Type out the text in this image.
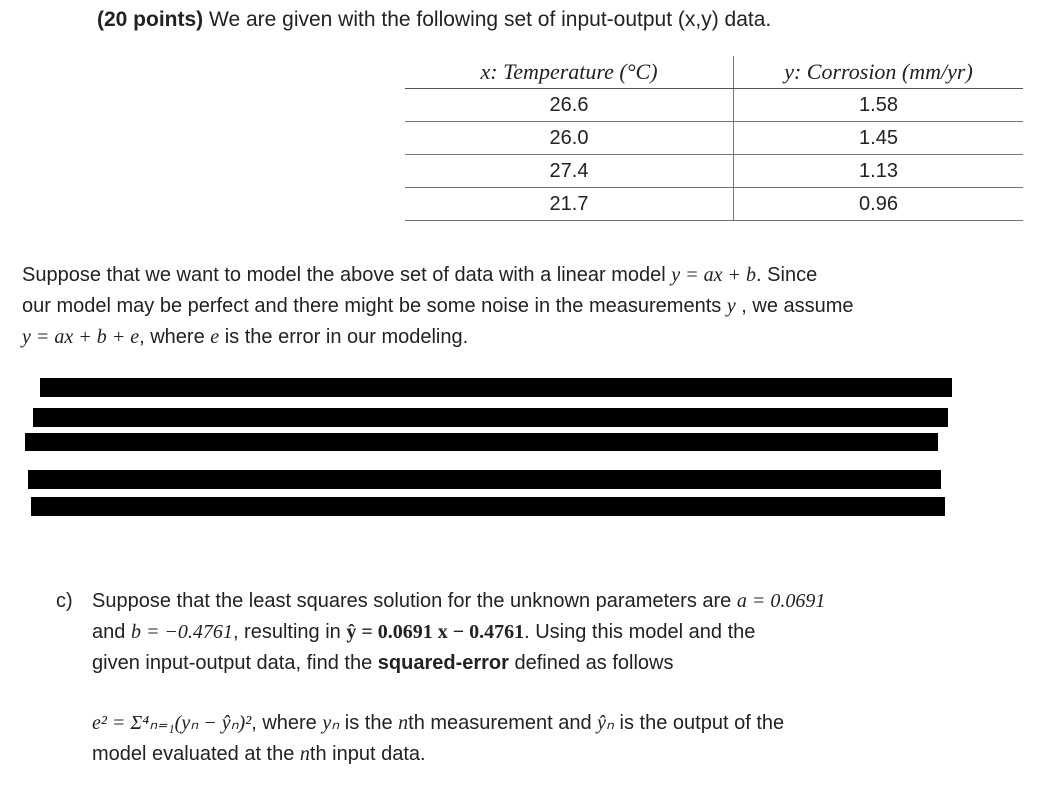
(20 points) We are given with the following set of input-output (x,y) data.
x: Temperature (°C)	y: Corrosion (mm/yr)
26.6	1.58
26.0	1.45
27.4	1.13
21.7	0.96
Suppose that we want to model the above set of data with a linear model y = ax + b. Since
our model may be perfect and there might be some noise in the measurements y , we assume
y = ax + b + e, where e is the error in our modeling.
c) Suppose that the least squares solution for the unknown parameters are a = 0.0691
and b = −0.4761, resulting in ŷ = 0.0691 x − 0.4761. Using this model and the
given input-output data, find the squared-error defined as follows
e² = Σ⁴ₙ₌₁(yₙ − ŷₙ)², where yₙ is the nth measurement and ŷₙ is the output of the
model evaluated at the nth input data.
